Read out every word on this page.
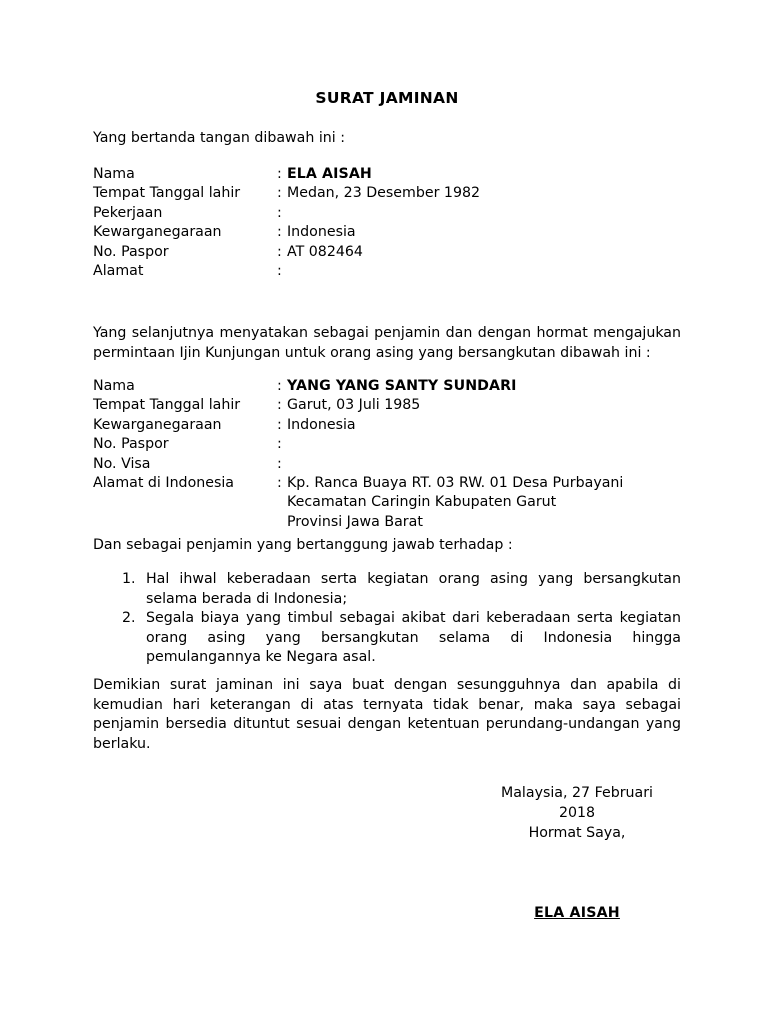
SURAT JAMINAN
Yang bertanda tangan dibawah ini :
Nama	: ELA AISAH
Tempat Tanggal lahir	: Medan, 23 Desember 1982
Pekerjaan	:
Kewarganegaraan	: Indonesia
No. Paspor	: AT 082464
Alamat	:
Yang selanjutnya menyatakan sebagai penjamin dan dengan hormat mengajukan permintaan Ijin Kunjungan untuk orang asing yang bersangkutan dibawah ini :
Nama	: YANG YANG SANTY SUNDARI
Tempat Tanggal lahir	: Garut, 03 Juli 1985
Kewarganegaraan	: Indonesia
No. Paspor	:
No. Visa	:
Alamat di Indonesia	: Kp. Ranca Buaya RT. 03 RW. 01 Desa Purbayani
Kecamatan Caringin Kabupaten Garut
Provinsi Jawa Barat
Dan sebagai penjamin yang bertanggung jawab terhadap :
1. Hal ihwal keberadaan serta kegiatan orang asing yang bersangkutan selama berada di Indonesia;
2. Segala biaya yang timbul sebagai akibat dari keberadaan serta kegiatan orang asing yang bersangkutan selama di Indonesia hingga pemulangannya ke Negara asal.
Demikian surat jaminan ini saya buat dengan sesungguhnya dan apabila di kemudian hari keterangan di atas ternyata tidak benar, maka saya sebagai penjamin bersedia dituntut sesuai dengan ketentuan perundang-undangan yang berlaku.
Malaysia, 27 Februari 2018
Hormat Saya,
ELA AISAH
